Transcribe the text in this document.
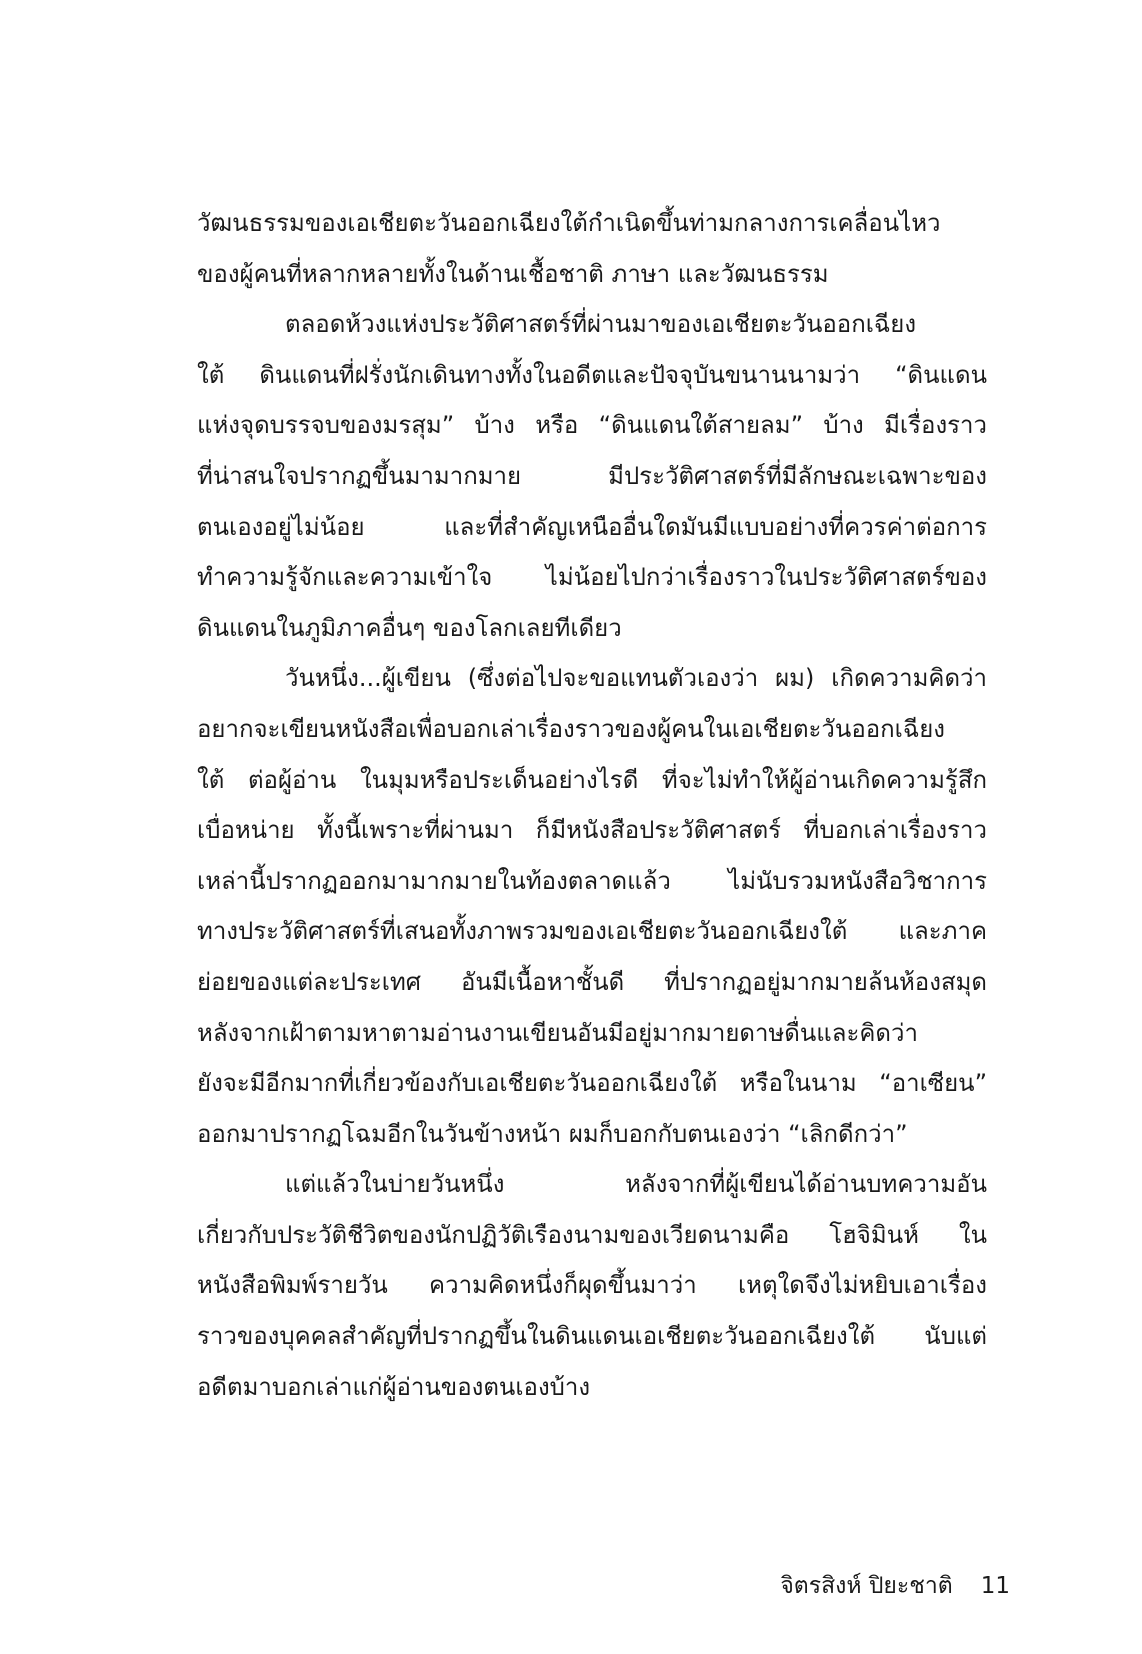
วัฒนธรรมของเอเชียตะวันออกเฉียงใต้กำเนิดขึ้นท่ามกลางการเคลื่อนไหว
ของผู้คนที่หลากหลายทั้งในด้านเชื้อชาติ ภาษา และวัฒนธรรม
ตลอดห้วงแห่งประวัติศาสตร์ที่ผ่านมาของเอเชียตะวันออกเฉียง
ใต้ ดินแดนที่ฝรั่งนักเดินทางทั้งในอดีตและปัจจุบันขนานนามว่า “ดินแดน
แห่งจุดบรรจบของมรสุม” บ้าง หรือ “ดินแดนใต้สายลม” บ้าง มีเรื่องราว
ที่น่าสนใจปรากฏขึ้นมามากมาย	มีประวัติศาสตร์ที่มีลักษณะเฉพาะของ
ตนเองอยู่ไม่น้อย	และที่สำคัญเหนืออื่นใดมันมีแบบอย่างที่ควรค่าต่อการ
ทำความรู้จักและความเข้าใจ ไม่น้อยไปกว่าเรื่องราวในประวัติศาสตร์ของ
ดินแดนในภูมิภาคอื่นๆ ของโลกเลยทีเดียว
วันหนึ่ง...ผู้เขียน (ซึ่งต่อไปจะขอแทนตัวเองว่า ผม) เกิดความคิดว่า
อยากจะเขียนหนังสือเพื่อบอกเล่าเรื่องราวของผู้คนในเอเชียตะวันออกเฉียง
ใต้ ต่อผู้อ่าน ในมุมหรือประเด็นอย่างไรดี ที่จะไม่ทำให้ผู้อ่านเกิดความรู้สึก
เบื่อหน่าย ทั้งนี้เพราะที่ผ่านมา ก็มีหนังสือประวัติศาสตร์ ที่บอกเล่าเรื่องราว
เหล่านี้ปรากฏออกมามากมายในท้องตลาดแล้ว ไม่นับรวมหนังสือวิชาการ
ทางประวัติศาสตร์ที่เสนอทั้งภาพรวมของเอเชียตะวันออกเฉียงใต้ และภาค
ย่อยของแต่ละประเทศ อันมีเนื้อหาชั้นดี ที่ปรากฏอยู่มากมายล้นห้องสมุด
หลังจากเฝ้าตามหาตามอ่านงานเขียนอันมีอยู่มากมายดาษดื่นและคิดว่า
ยังจะมีอีกมากที่เกี่ยวข้องกับเอเชียตะวันออกเฉียงใต้ หรือในนาม “อาเซียน”
ออกมาปรากฏโฉมอีกในวันข้างหน้า ผมก็บอกกับตนเองว่า “เลิกดีกว่า”
แต่แล้วในบ่ายวันหนึ่ง	หลังจากที่ผู้เขียนได้อ่านบทความอัน
เกี่ยวกับประวัติชีวิตของนักปฏิวัติเรืองนามของเวียดนามคือ โฮจิมินห์ ใน
หนังสือพิมพ์รายวัน ความคิดหนึ่งก็ผุดขึ้นมาว่า เหตุใดจึงไม่หยิบเอาเรื่อง
ราวของบุคคลสำคัญที่ปรากฏขึ้นในดินแดนเอเชียตะวันออกเฉียงใต้ นับแต่
อดีตมาบอกเล่าแก่ผู้อ่านของตนเองบ้าง
จิตรสิงห์ ปิยะชาติ 11
